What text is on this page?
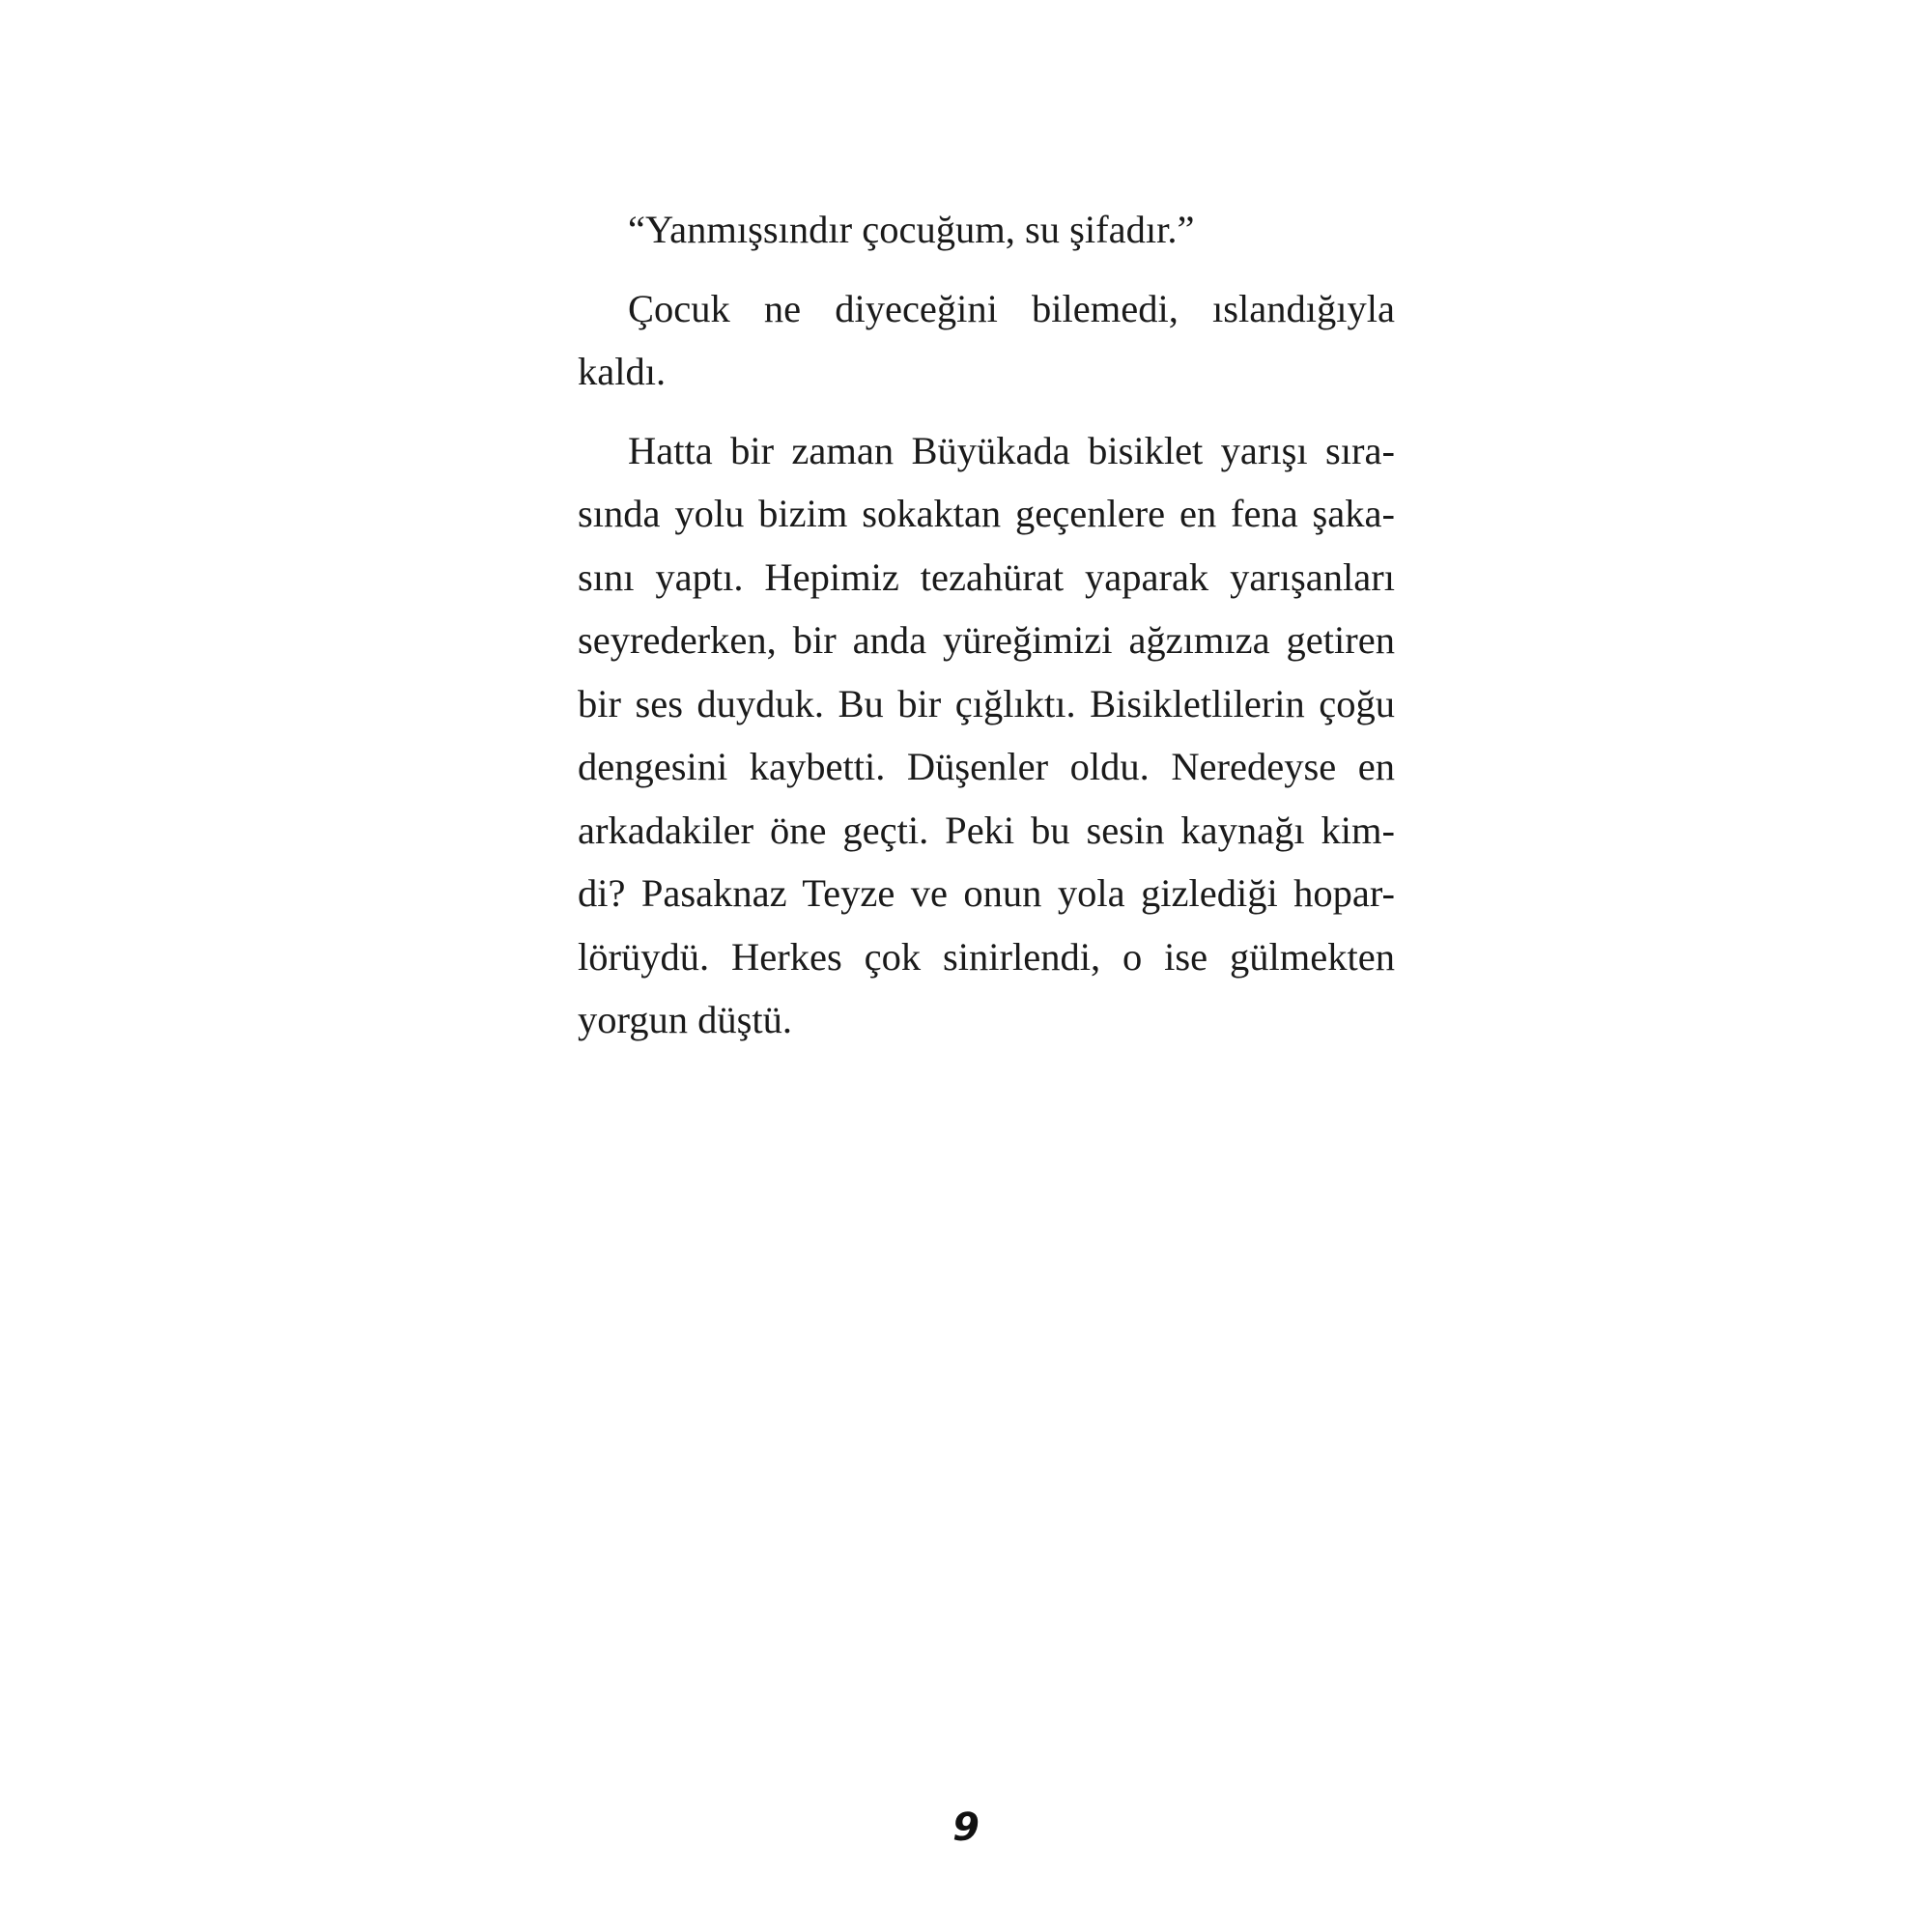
“Yanmışsındır çocuğum, su şifadır.”
Çocuk ne diyeceğini bilemedi, ıslandığıyla
kaldı.
Hatta bir zaman Büyükada bisiklet yarışı sıra-
sında yolu bizim sokaktan geçenlere en fena şaka-
sını yaptı. Hepimiz tezahürat yaparak yarışanları
seyrederken, bir anda yüreğimizi ağzımıza getiren
bir ses duyduk. Bu bir çığlıktı. Bisikletlilerin çoğu
dengesini kaybetti. Düşenler oldu. Neredeyse en
arkadakiler öne geçti. Peki bu sesin kaynağı kim-
di? Pasaknaz Teyze ve onun yola gizlediği hopar-
lörüydü. Herkes çok sinirlendi, o ise gülmekten
yorgun düştü.
9
